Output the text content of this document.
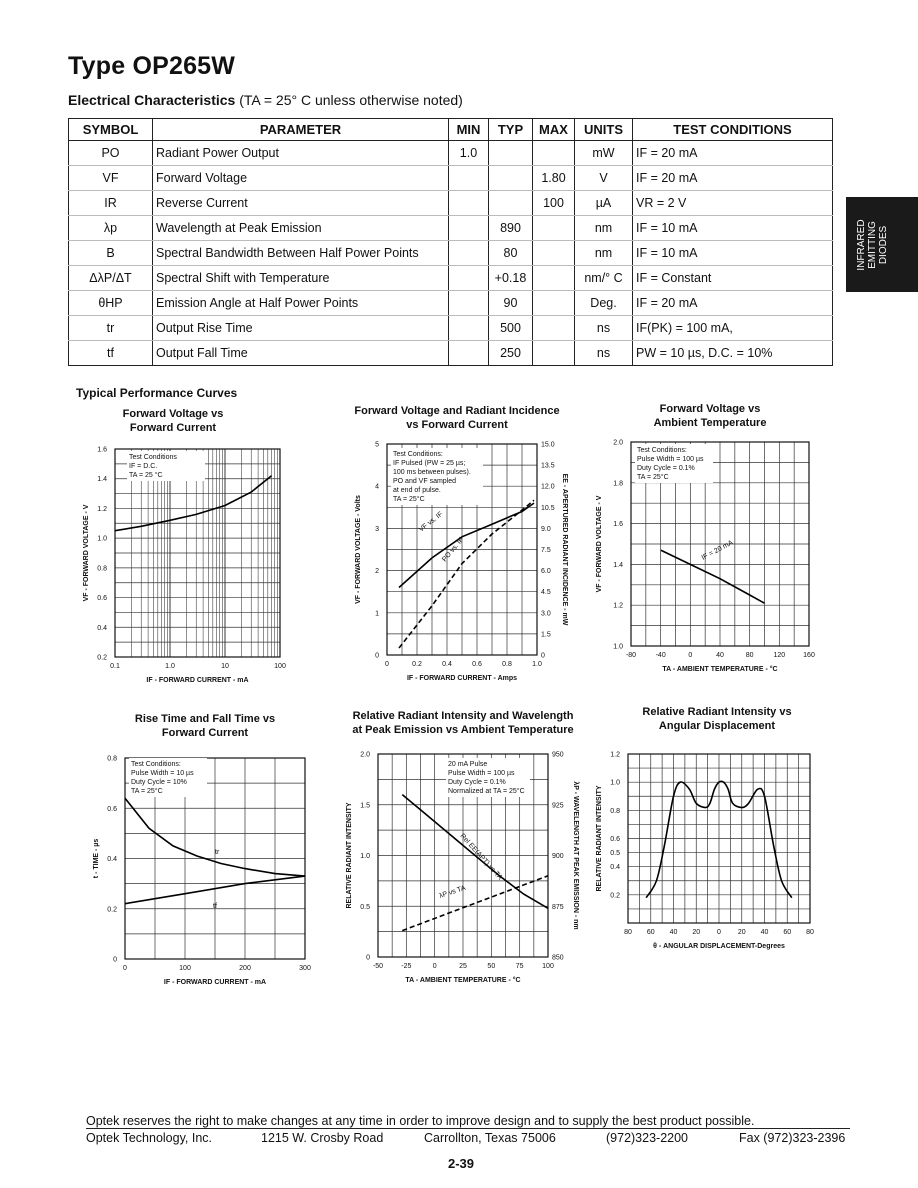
Type OP265W
Electrical Characteristics (TA = 25° C unless otherwise noted)
SYMBOL	PARAMETER	MIN	TYP	MAX	UNITS	TEST CONDITIONS
PO	Radiant Power Output	1.0			mW	IF = 20 mA
VF	Forward Voltage			1.80	V	IF = 20 mA
IR	Reverse Current			100	µA	VR = 2 V
λp	Wavelength at Peak Emission		890		nm	IF = 10 mA
B	Spectral Bandwidth Between Half Power Points		80		nm	IF = 10 mA
ΔλP/ΔT	Spectral Shift with Temperature		+0.18		nm/° C	IF = Constant
θHP	Emission Angle at Half Power Points		90		Deg.	IF = 20 mA
tr	Output Rise Time		500		ns	IF(PK) = 100 mA,
tf	Output Fall Time		250		ns	PW = 10 µs, D.C. = 10%
INFRARED EMITTING DIODES
Typical Performance Curves
Forward Voltage vs
Forward Current
0.1	1.0	10	100
0.2
0.4
0.6
0.8
1.0
1.2
1.4
1.6
IF - FORWARD CURRENT - mA
VF - FORWARD VOLTAGE - V
Test Conditions
IF = D.C.
TA = 25 °C
Forward Voltage and Radiant Incidence
vs Forward Current
0	0.2	0.4	0.6	0.8	1.0
0
1
2
3
4
5
0
1.5
3.0
4.5
6.0
7.5
9.0
10.5
12.0
13.5
15.0
IF - FORWARD CURRENT - Amps
VF - FORWARD VOLTAGE - Volts	EE - APERTURED RADIANT INCIDENCE - mW
Test Conditions:
IF Pulsed (PW = 25 µs;
100 ms between pulses).
PO and VF sampled
at end of pulse.
TA = 25°C
VF vs. IF
PO vs. IF
Forward Voltage vs
Ambient Temperature
-80	-40	0	40	80	120	160
1.0
1.2
1.4
1.6
1.8
2.0
TA - AMBIENT TEMPERATURE - °C
VF - FORWARD VOLTAGE - V
Test Conditions:
Pulse Width = 100 µs
Duty Cycle = 0.1%
TA = 25°C
IF = 20 mA
Rise Time and Fall Time vs
Forward Current
0	100	200	300
0
0.2
0.4
0.6
0.8
IF - FORWARD CURRENT - mA
t - TIME - µs
Test Conditions:
Pulse Width = 10 µs
Duty Cycle = 10%
TA = 25°C
tr
tf
Relative Radiant Intensity and Wavelength
at Peak Emission vs Ambient Temperature
-50	-25	0	25	50	75	100
0
0.5
1.0
1.5
2.0
850
875
900
925
950
TA - AMBIENT TEMPERATURE - °C
RELATIVE RADIANT INTENSITY	λP - WAVELENGTH AT PEAK EMISSION - nm
20 mA Pulse
Pulse Width = 100 µs
Duty Cycle = 0.1%
Normalized at TA = 25°C
Rel EE(APT) vs TA
λP vs TA
Relative Radiant Intensity vs
Angular Displacement
80 60 40 20 0 20 40 60 80
0.2
0.4
0.5
0.6
0.8
1.0
1.2
θ - ANGULAR DISPLACEMENT-Degrees
RELATIVE RADIANT INTENSITY
Optek reserves the right to make changes at any time in order to improve design and to supply the best product possible.
Optek Technology, Inc.	1215 W. Crosby Road	Carrollton, Texas 75006	(972)323-2200	Fax (972)323-2396
2-39
